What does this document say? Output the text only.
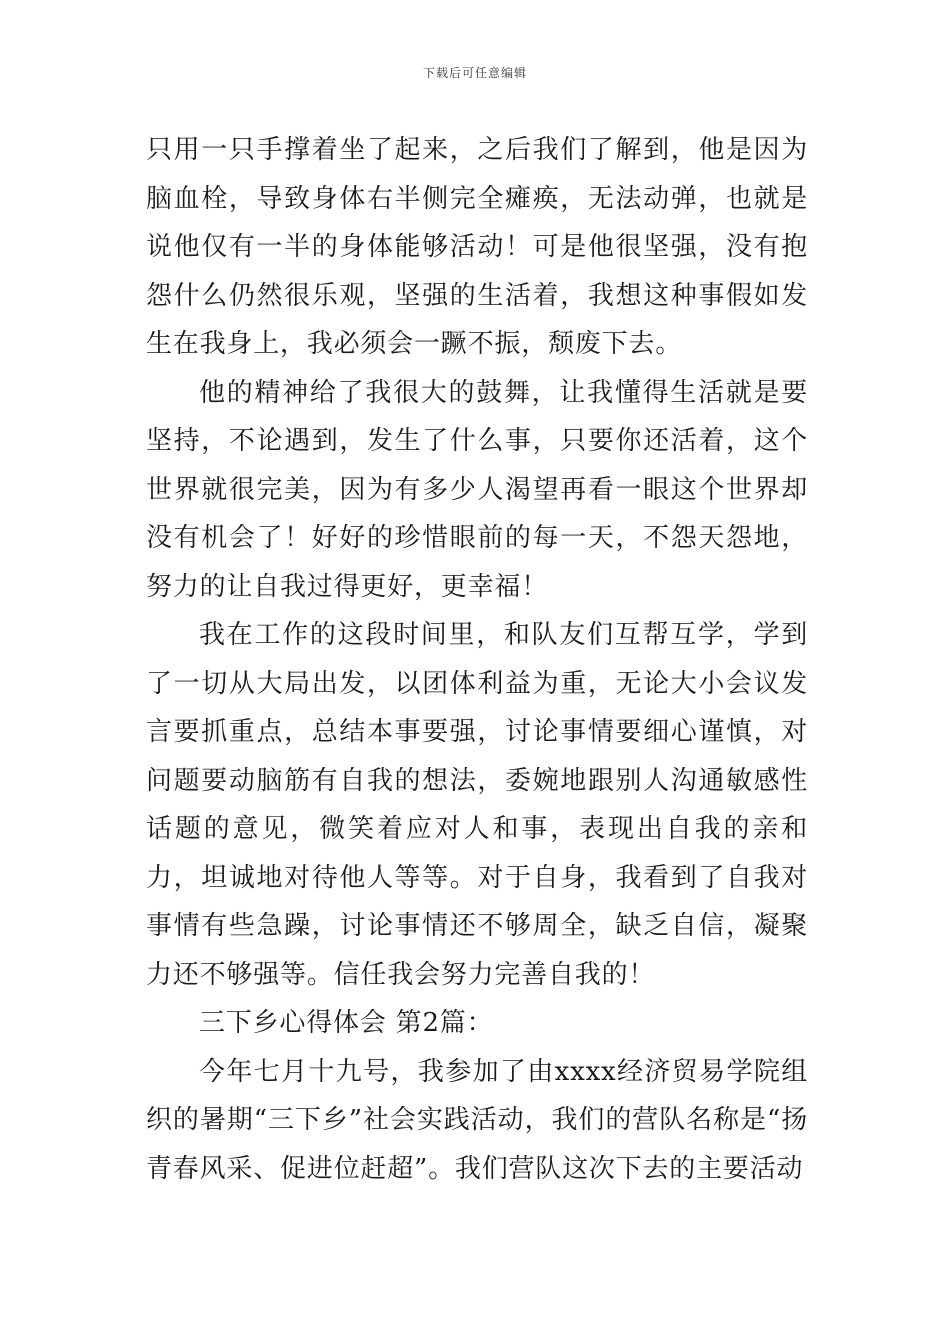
下载后可任意编辑

只用一只手撑着坐了起来，之后我们了解到，他是因为脑血栓，导致身体右半侧完全瘫痪，无法动弹，也就是说他仅有一半的身体能够活动！可是他很坚强，没有抱怨什么仍然很乐观，坚强的生活着，我想这种事假如发生在我身上，我必须会一蹶不振，颓废下去。

他的精神给了我很大的鼓舞，让我懂得生活就是要坚持，不论遇到，发生了什么事，只要你还活着，这个世界就很完美，因为有多少人渴望再看一眼这个世界却没有机会了！好好的珍惜眼前的每一天，不怨天怨地，努力的让自我过得更好，更幸福！

我在工作的这段时间里，和队友们互帮互学，学到了一切从大局出发，以团体利益为重，无论大小会议发言要抓重点，总结本事要强，讨论事情要细心谨慎，对问题要动脑筋有自我的想法，委婉地跟别人沟通敏感性话题的意见，微笑着应对人和事，表现出自我的亲和力，坦诚地对待他人等等。对于自身，我看到了自我对事情有些急躁，讨论事情还不够周全，缺乏自信，凝聚力还不够强等。信任我会努力完善自我的！

三下乡心得体会 第2篇：

今年七月十九号，我参加了由xxxx经济贸易学院组织的暑期“三下乡”社会实践活动，我们的营队名称是“扬青春风采、促进位赶超”。我们营队这次下去的主要活动
